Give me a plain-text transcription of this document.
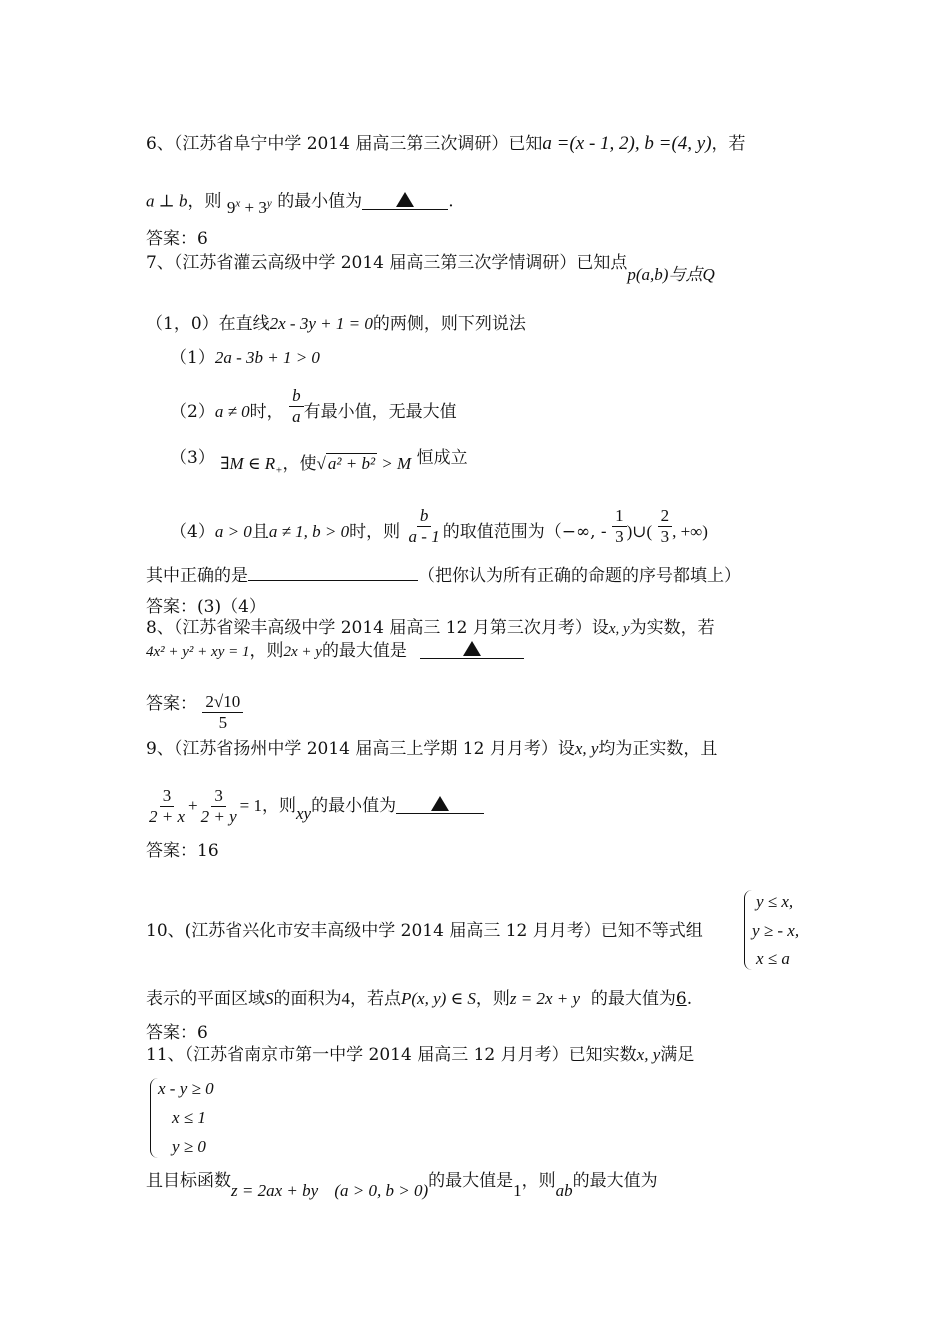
6、（江苏省阜宁中学 2014 届高三第三次调研）已知a =(x - 1, 2), b =(4, y)，若
a ⊥ b，则 $9^x + 3^y$ 的最小值为	.
答案：6
7、（江苏省灌云高级中学 2014 届高三第三次学情调研）已知点p(a,b)与点Q
（1，0）在直线2x - 3y + 1 = 0的两侧，则下列说法
（1）2a - 3b + 1 > 0
（2）a ≠ 0时， $\frac{b}{a}$ 有最小值，无最大值
（3） ∃M ∈ $R_+$，使√ a² + b² > M 恒成立
（4）a > 0且a ≠ 1, b > 0时，则 $\frac{b}{a - 1}$ 的取值范围为（−∞, - $\frac{1}{3}$ )∪( $\frac{2}{3}$ , +∞)
其中正确的是	（把你认为所有正确的命题的序号都填上）
答案：(3)（4）
8、（江苏省梁丰高级中学 2014 届高三 12 月第三次月考）设x, y为实数，若
4x² + y² + xy = 1，则2x + y的最大值是
答案： $\frac{2√10}{5}$
9、（江苏省扬州中学 2014 届高三上学期 12 月月考）设x, y均为正实数，且
$\frac{3}{2 + x} + \frac{3}{2 + y} = 1$，则xy的最小值为
答案：16
y ≤ x,
y ≥ - x,
x ≤ a
10、(江苏省兴化市安丰高级中学 2014 届高三 12 月月考）已知不等式组
表示的平面区域S的面积为4，若点P(x, y) ∈ S，则z = 2x + y 的最大值为6.
答案：6
11、（江苏省南京市第一中学 2014 届高三 12 月月考）已知实数x, y满足
x - y ≥ 0
x ≤ 1
y ≥ 0
且目标函数z = 2ax + by (a > 0, b > 0)的最大值是1，则ab的最大值为
